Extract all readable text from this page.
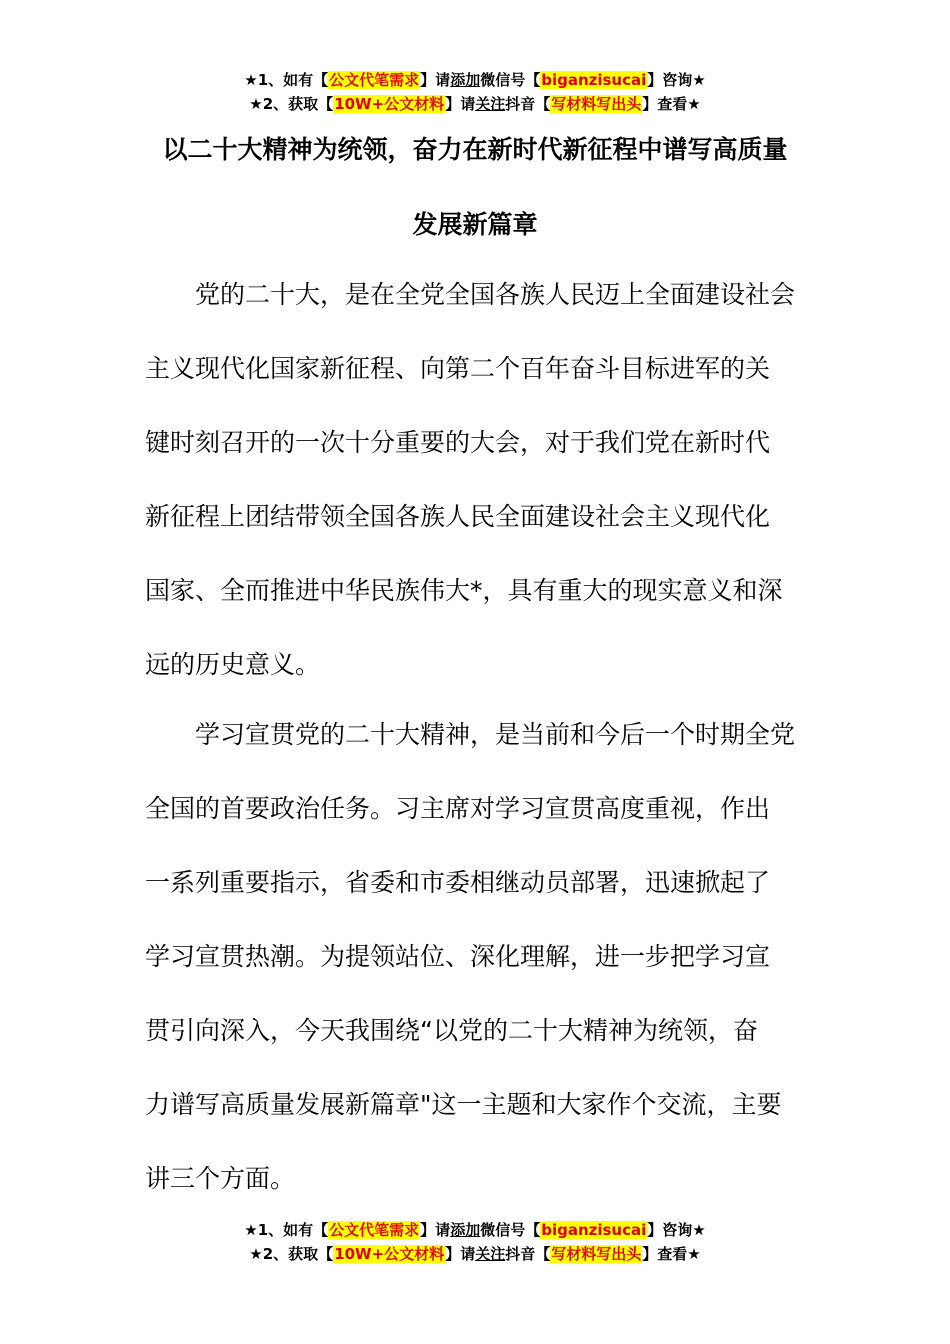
★1、如有【公文代笔需求】请添加微信号【biganzisucai】咨询★
★2、获取【10W+公文材料】请关注抖音【写材料写出头】查看★
以二十大精神为统领，奋力在新时代新征程中谱写高质量
发展新篇章

　　党的二十大，是在全党全国各族人民迈上全面建设社会

主义现代化国家新征程、向第二个百年奋斗目标进军的关

键时刻召开的一次十分重要的大会，对于我们党在新时代

新征程上团结带领全国各族人民全面建设社会主义现代化

国家、全而推进中华民族伟大*，具有重大的现实意义和深

远的历史意义。

　　学习宣贯党的二十大精神，是当前和今后一个时期全党

全国的首要政治任务。习主席对学习宣贯高度重视，作出

一系列重要指示，省委和市委相继动员部署，迅速掀起了

学习宣贯热潮。为提领站位、深化理解，进一步把学习宣

贯引向深入，今天我围绕“以党的二十大精神为统领，奋

力谱写高质量发展新篇章"这一主题和大家作个交流，主要

讲三个方面。

★1、如有【公文代笔需求】请添加微信号【biganzisucai】咨询★
★2、获取【10W+公文材料】请关注抖音【写材料写出头】查看★
